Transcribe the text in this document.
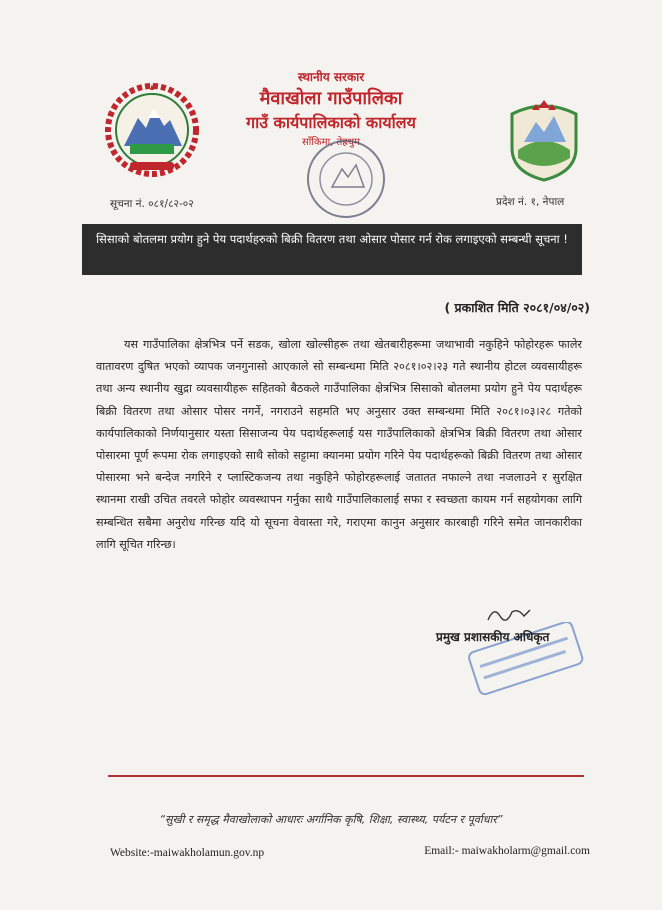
स्थानीय सरकार
मैवाखोला गाउँपालिका
गाउँ कार्यपालिकाको कार्यालय
साँकिमा, तेह्रथुम
सूचना नं. ०८१/८२-०२	प्रदेश नं. १, नेपाल
सिसाको बोतलमा प्रयोग हुने पेय पदार्थहरुको बिक्री वितरण तथा ओसार पोसार गर्न रोक लगाइएको सम्बन्धी सूचना !
( प्रकाशित मिति २०८१/०४/०२)
यस गाउँपालिका क्षेत्रभित्र पर्ने सडक, खोला खोल्सीहरू तथा खेतबारीहरूमा जथाभावी नकुहिने फोहोरहरू फालेर वातावरण दुषित भएको व्यापक जनगुनासो आएकाले सो सम्बन्धमा मिति २०८१।०२।२३ गते स्थानीय होटल व्यवसायीहरू तथा अन्य स्थानीय खुद्रा व्यवसायीहरू सहितको बैठकले गाउँपालिका क्षेत्रभित्र सिसाको बोतलमा प्रयोग हुने पेय पदार्थहरू बिक्री वितरण तथा ओसार पोसर नगर्ने, नगराउने सहमति भए अनुसार उक्त सम्बन्धमा मिति २०८१।०३।२८ गतेको कार्यपालिकाको निर्णयानुसार यस्ता सिसाजन्य पेय पदार्थहरूलाई यस गाउँपालिकाको क्षेत्रभित्र बिक्री वितरण तथा ओसार पोसारमा पूर्ण रूपमा रोक लगाइएको साथै सोको सट्टामा क्यानमा प्रयोग गरिने पेय पदार्थहरूको बिक्री वितरण तथा ओसार पोसारमा भने बन्देज नगरिने र प्लास्टिकजन्य तथा नकुहिने फोहोरहरूलाई जतातत नफाल्ने तथा नजलाउने र सुरक्षित स्थानमा राखी उचित तवरले फोहोर व्यवस्थापन गर्नुका साथै गाउँपालिकालाई सफा र स्वच्छता कायम गर्न सहयोगका लागि सम्बन्धित सबैमा अनुरोध गरिन्छ यदि यो सूचना वेवास्ता गरे, गराएमा कानुन अनुसार कारबाही गरिने समेत जानकारीका लागि सूचित गरिन्छ।
प्रमुख प्रशासकीय अधिकृत
“सुखी र समृद्ध मैवाखोलाको आधारः अर्गानिक कृषि, शिक्षा, स्वास्थ्य, पर्यटन र पूर्वाधार”
Website:-maiwakholamun.gov.np	Email:- maiwakholarm@gmail.com
